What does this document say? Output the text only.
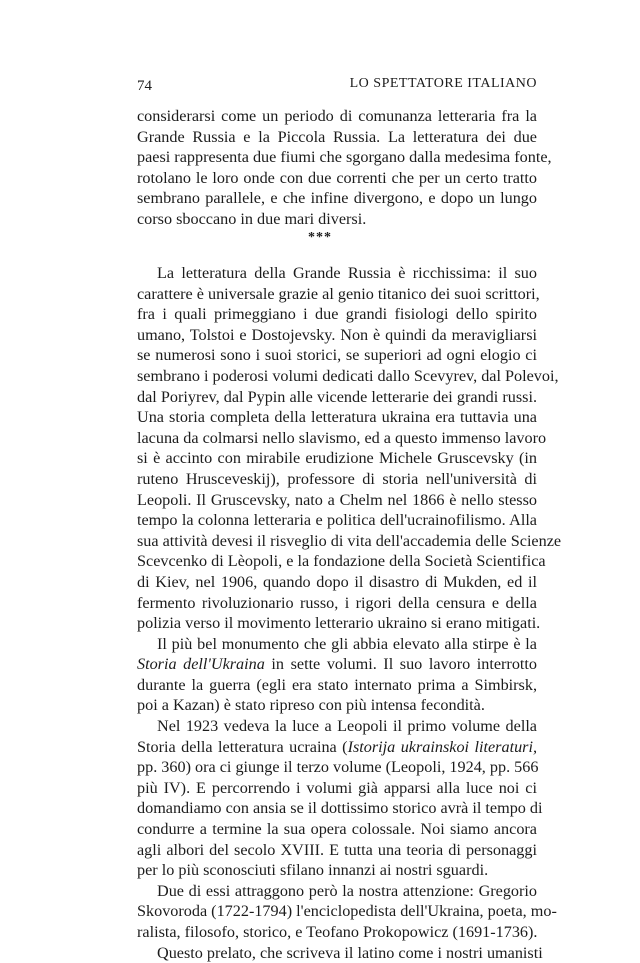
74	LO SPETTATORE ITALIANO
considerarsi come un periodo di comunanza letteraria fra la
Grande Russia e la Piccola Russia. La letteratura dei due
paesi rappresenta due fiumi che sgorgano dalla medesima fonte,
rotolano le loro onde con due correnti che per un certo tratto
sembrano parallele, e che infine divergono, e dopo un lungo
corso sboccano in due mari diversi.
***
La letteratura della Grande Russia è ricchissima: il suo
carattere è universale grazie al genio titanico dei suoi scrittori,
fra i quali primeggiano i due grandi fisiologi dello spirito
umano, Tolstoi e Dostojevsky. Non è quindi da meravigliarsi
se numerosi sono i suoi storici, se superiori ad ogni elogio ci
sembrano i poderosi volumi dedicati dallo Scevyrev, dal Polevoi,
dal Poriyrev, dal Pypin alle vicende letterarie dei grandi russi.
Una storia completa della letteratura ukraina era tuttavia una
lacuna da colmarsi nello slavismo, ed a questo immenso lavoro
si è accinto con mirabile erudizione Michele Gruscevsky (in
ruteno Hrusceveskij), professore di storia nell'università di
Leopoli. Il Gruscevsky, nato a Chelm nel 1866 è nello stesso
tempo la colonna letteraria e politica dell'ucrainofilismo. Alla
sua attività devesi il risveglio di vita dell'accademia delle Scienze
Scevcenko di Lèopoli, e la fondazione della Società Scientifica
di Kiev, nel 1906, quando dopo il disastro di Mukden, ed il
fermento rivoluzionario russo, i rigori della censura e della
polizia verso il movimento letterario ukraino si erano mitigati.
Il più bel monumento che gli abbia elevato alla stirpe è la
Storia dell'Ukraina in sette volumi. Il suo lavoro interrotto
durante la guerra (egli era stato internato prima a Simbirsk,
poi a Kazan) è stato ripreso con più intensa fecondità.
Nel 1923 vedeva la luce a Leopoli il primo volume della
Storia della letteratura ucraina (Istorija ukrainskoi literaturi,
pp. 360) ora ci giunge il terzo volume (Leopoli, 1924, pp. 566
più IV). E percorrendo i volumi già apparsi alla luce noi ci
domandiamo con ansia se il dottissimo storico avrà il tempo di
condurre a termine la sua opera colossale. Noi siamo ancora
agli albori del secolo XVIII. E tutta una teoria di personaggi
per lo più sconosciuti sfilano innanzi ai nostri sguardi.
Due di essi attraggono però la nostra attenzione: Gregorio
Skovoroda (1722-1794) l'enciclopedista dell'Ukraina, poeta, mo-
ralista, filosofo, storico, e Teofano Prokopowicz (1691-1736).
Questo prelato, che scriveva il latino come i nostri umanisti
